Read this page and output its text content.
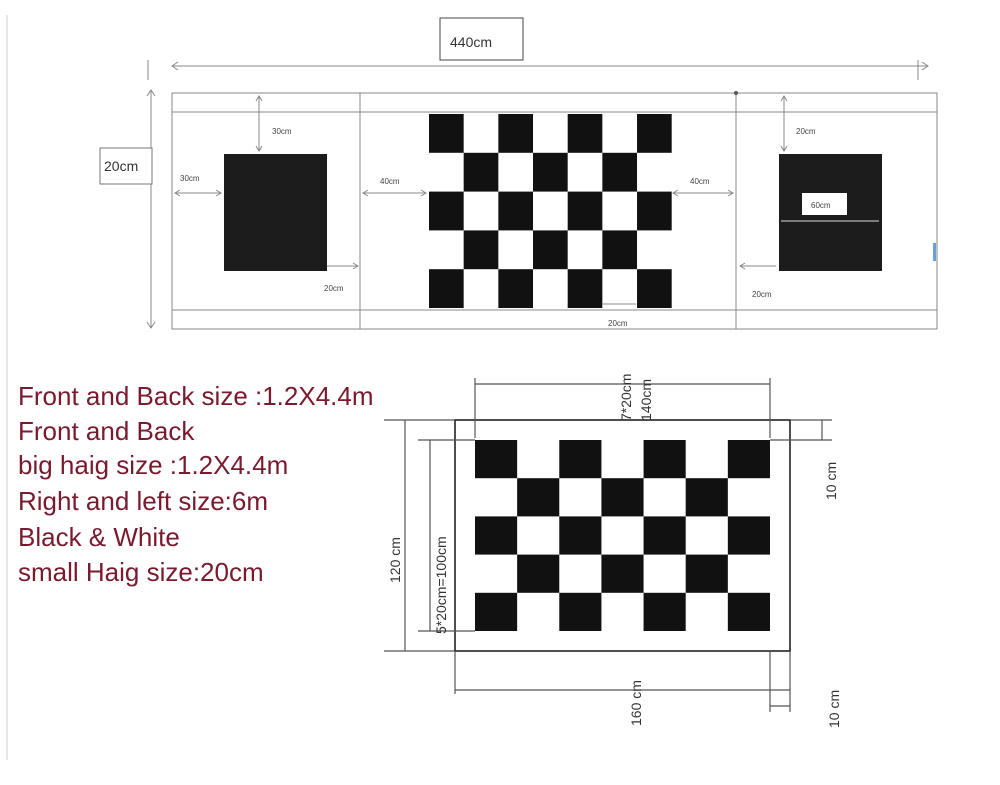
440cm
20cm
30cm
30cm
20cm
40cm	40cm
20cm
20cm
60cm
20cm
7*20cm 140cm
120 cm 5*20cm=100cm
160 cm
10 cm
10 cm
Front and Back size :1.2X4.4m
Front and Back
big haig size :1.2X4.4m
Right and left size:6m
Black & White
small Haig size:20cm
